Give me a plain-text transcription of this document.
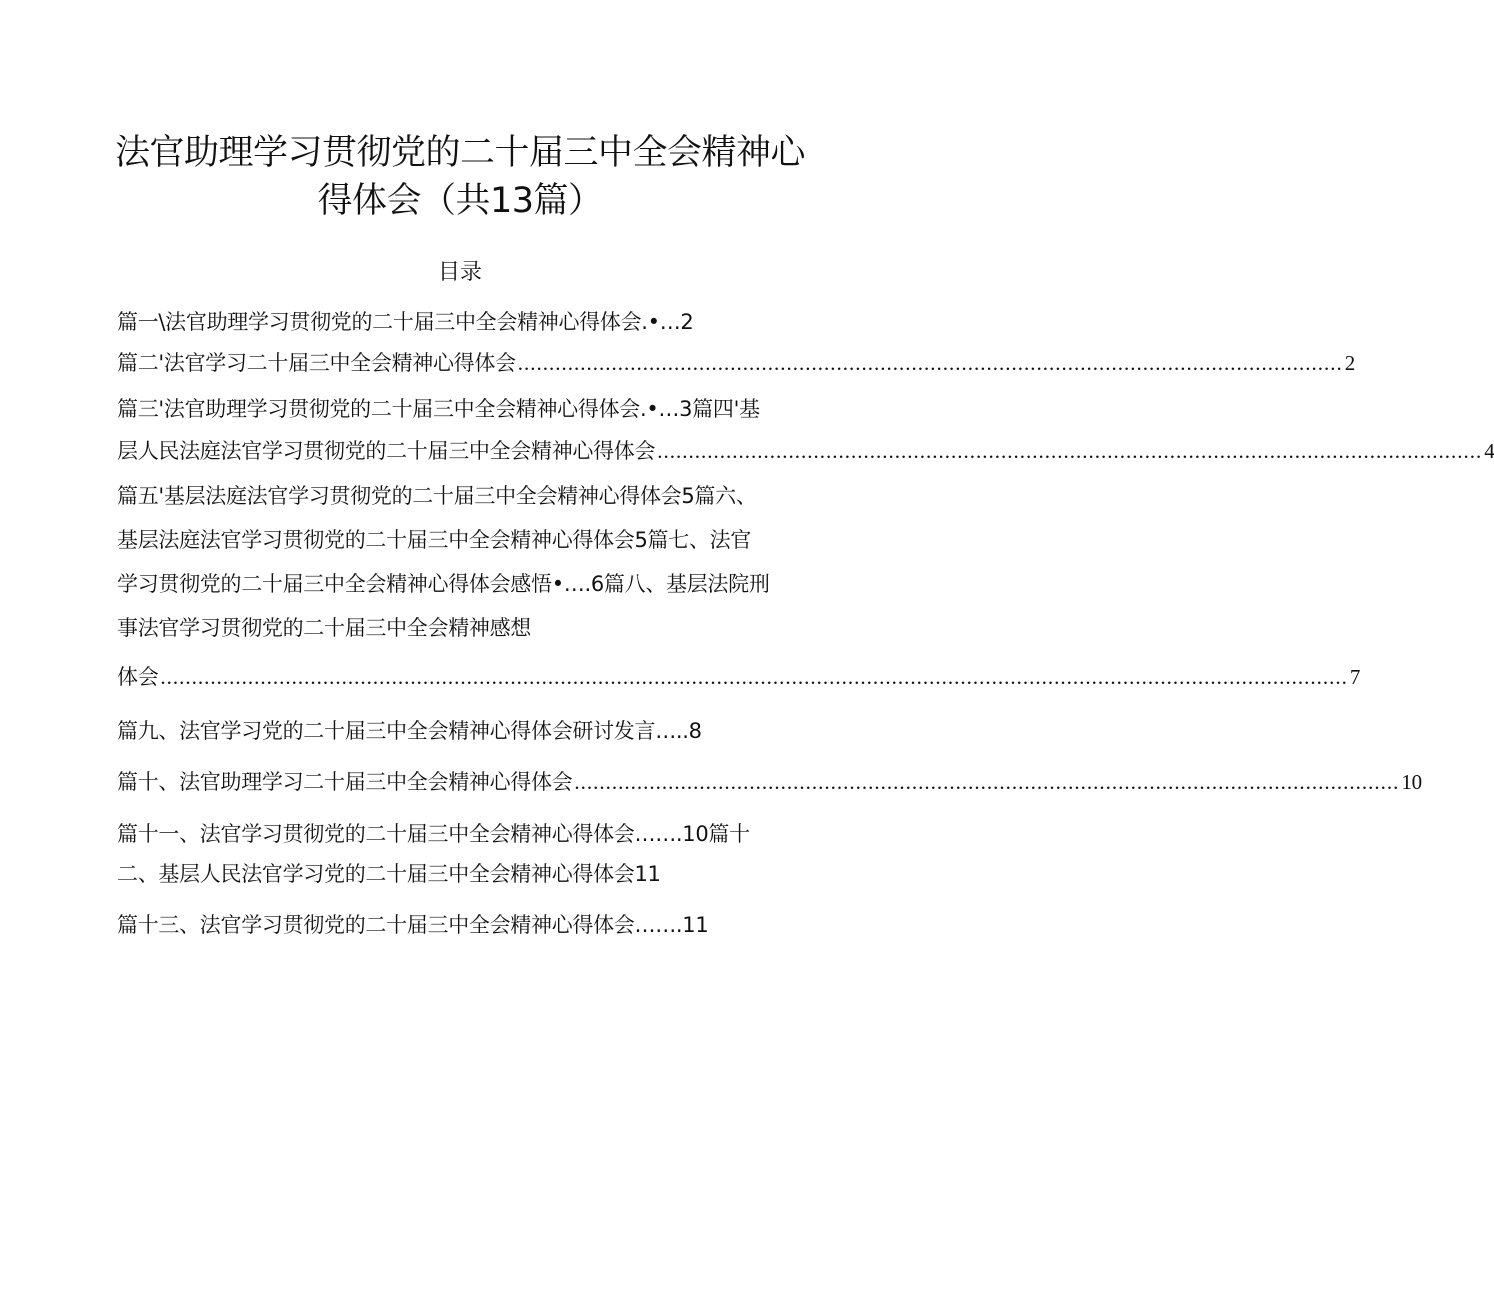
法官助理学习贯彻党的二十届三中全会精神心
得体会（共13篇）
目录
篇一\法官助理学习贯彻党的二十届三中全会精神心得体会.•…2
篇二'法官学习二十届三中全会精神心得体会 .................................................................................................................................... 2
篇三'法官助理学习贯彻党的二十届三中全会精神心得体会.•…3篇四'基
层人民法庭法官学习贯彻党的二十届三中全会精神心得体会 .................................................................................................................................... 4
篇五'基层法庭法官学习贯彻党的二十届三中全会精神心得体会5篇六、
基层法庭法官学习贯彻党的二十届三中全会精神心得体会5篇七、法官
学习贯彻党的二十届三中全会精神心得体会感悟•….6篇八、基层法院刑
事法官学习贯彻党的二十届三中全会精神感想
体会 .............................................................................................................................................................................................. 7
篇九、法官学习党的二十届三中全会精神心得体会研讨发言…..8
篇十、法官助理学习二十届三中全会精神心得体会 .................................................................................................................................... 10
篇十一、法官学习贯彻党的二十届三中全会精神心得体会…….10篇十
二、基层人民法官学习党的二十届三中全会精神心得体会11
篇十三、法官学习贯彻党的二十届三中全会精神心得体会…….11
